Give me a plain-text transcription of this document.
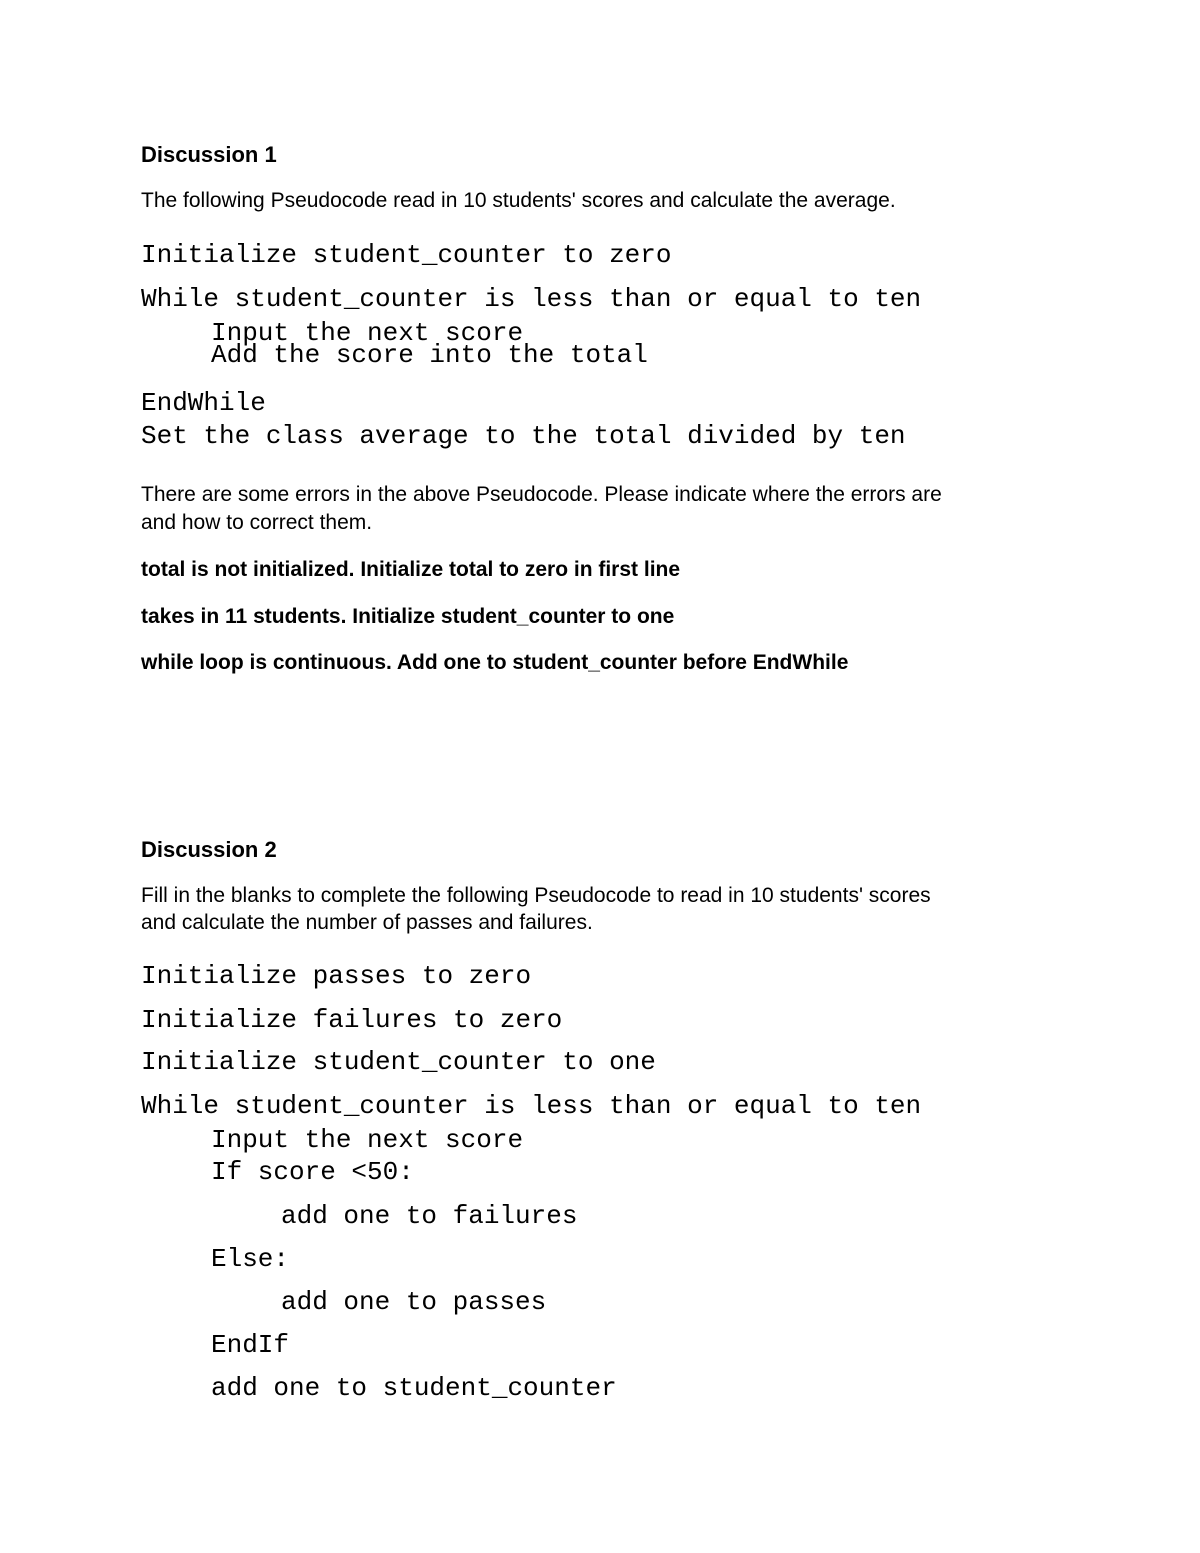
Discussion 1
The following Pseudocode read in 10 students' scores and calculate the average.
Initialize student_counter to zero
While student_counter is less than or equal to ten
Input the next score
Add the score into the total
EndWhile
Set the class average to the total divided by ten
There are some errors in the above Pseudocode. Please indicate where the errors are
and how to correct them.
total is not initialized. Initialize total to zero in first line
takes in 11 students. Initialize student_counter to one
while loop is continuous. Add one to student_counter before EndWhile
Discussion 2
Fill in the blanks to complete the following Pseudocode to read in 10 students' scores
and calculate the number of passes and failures.
Initialize passes to zero
Initialize failures to zero
Initialize student_counter to one
While student_counter is less than or equal to ten
Input the next score
If score <50:
add one to failures
Else:
add one to passes
EndIf
add one to student_counter
